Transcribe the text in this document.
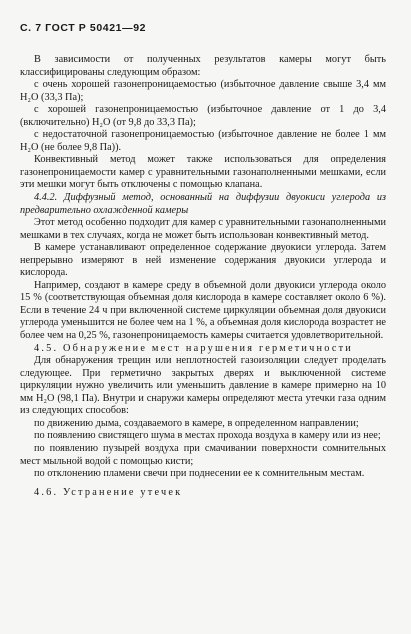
С. 7 ГОСТ Р 50421—92

В зависимости от полученных результатов камеры могут быть классифицированы следующим образом:

с очень хорошей газонепроницаемостью (избыточное давление свыше 3,4 мм H₂O (33,3 Па);

с хорошей газонепроницаемостью (избыточное давление от 1 до 3,4 (включительно) H₂O (от 9,8 до 33,3 Па);

с недостаточной газонепроницаемостью (избыточное давление не более 1 мм H₂O (не более 9,8 Па)).

Конвективный метод может также использоваться для определения газонепроницаемости камер с уравнительными газонаполненными мешками, если эти мешки могут быть отключены с помощью клапана.

4.4.2. Диффузный метод, основанный на диффузии двуокиси углерода из предварительно охлажденной камеры

Этот метод особенно подходит для камер с уравнительными газонаполненными мешками в тех случаях, когда не может быть использован конвективный метод.

В камере устанавливают определенное содержание двуокиси углерода. Затем непрерывно измеряют в ней изменение содержания двуокиси углерода и кислорода.

Например, создают в камере среду в объемной доли двуокиси углерода около 15 % (соответствующая объемная доля кислорода в камере составляет около 6 %). Если в течение 24 ч при включенной системе циркуляции объемная доля двуокиси углерода уменьшится не более чем на 1 %, а объемная доля кислорода возрастет не более чем на 0,25 %, газонепроницаемость камеры считается удовлетворительной.

4.5. Обнаружение мест нарушения герметичности

Для обнаружения трещин или неплотностей газоизоляции следует проделать следующее. При герметично закрытых дверях и выключенной системе циркуляции нужно увеличить или уменьшить давление в камере примерно на 10 мм H₂O (98,1 Па). Внутри и снаружи камеры определяют места утечки газа одним из следующих способов:

по движению дыма, создаваемого в камере, в определенном направлении;

по появлению свистящего шума в местах прохода воздуха в камеру или из нее;

по появлению пузырей воздуха при смачивании поверхности сомнительных мест мыльной водой с помощью кисти;

по отклонению пламени свечи при поднесении ее к сомнительным местам.

4.6. Устранение утечек
